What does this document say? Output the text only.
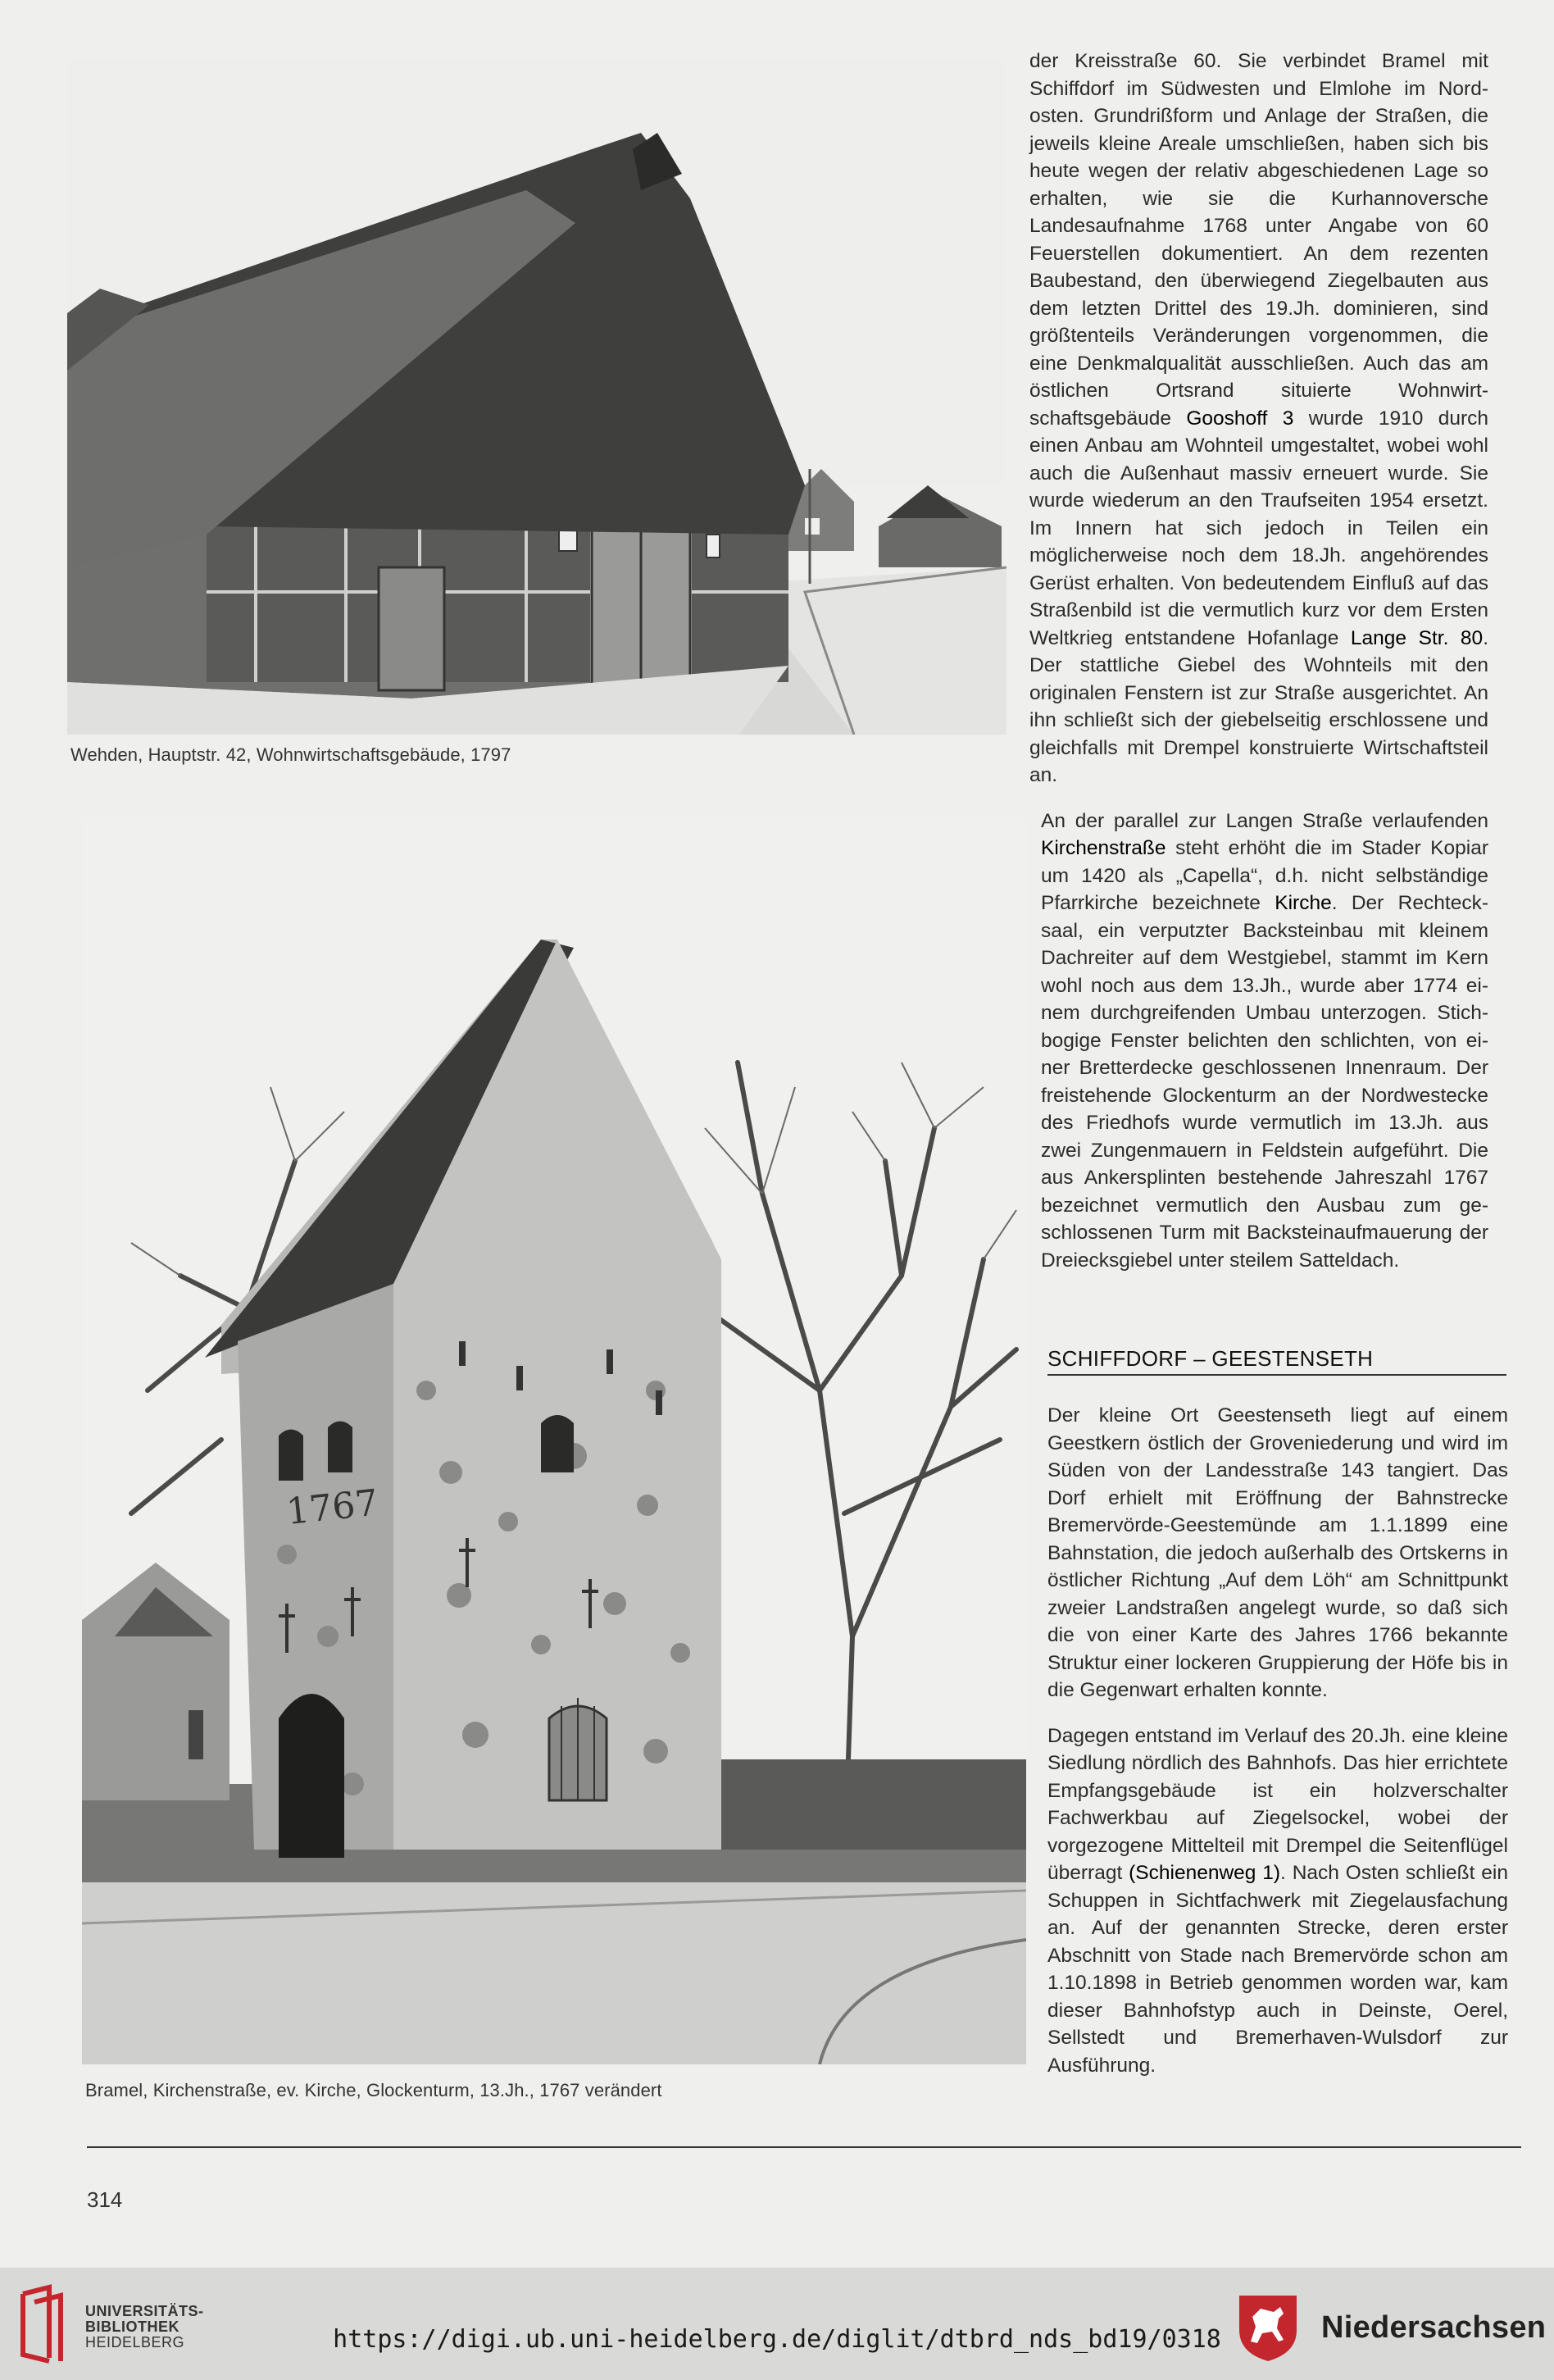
Wehden, Hauptstr. 42, Wohnwirtschaftsgebäude, 1797
1767
Bramel, Kirchenstraße, ev. Kirche, Glockenturm, 13.Jh., 1767 verändert

der Kreisstraße 60. Sie verbindet Bramel mit Schiffdorf im Südwesten und Elmlohe im Nordosten. Grundrißform und Anlage der Straßen, die jeweils kleine Areale umschließen, haben sich bis heute wegen der relativ abgeschiedenen Lage so erhalten, wie sie die Kurhannoversche Landesaufnahme 1768 unter Angabe von 60 Feuerstellen dokumentiert. An dem rezenten Baubestand, den überwiegend Ziegelbauten aus dem letzten Drittel des 19.Jh. dominieren, sind größtenteils Veränderungen vorgenommen, die eine Denkmalqualität ausschließen. Auch das am östlichen Ortsrand situierte Wohnwirtschaftsgebäude Gooshoff 3 wurde 1910 durch einen Anbau am Wohnteil umgestaltet, wobei wohl auch die Außenhaut massiv erneuert wurde. Sie wurde wiederum an den Traufseiten 1954 ersetzt. Im Innern hat sich jedoch in Teilen ein möglicherweise noch dem 18.Jh. angehörendes Gerüst erhalten. Von bedeutendem Einfluß auf das Straßenbild ist die vermutlich kurz vor dem Ersten Weltkrieg entstandene Hofanlage Lange Str. 80. Der stattliche Giebel des Wohnteils mit den originalen Fenstern ist zur Straße ausgerichtet. An ihn schließt sich der giebelseitig erschlossene und gleichfalls mit Drempel konstruierte Wirtschaftsteil an.

An der parallel zur Langen Straße verlaufenden Kirchenstraße steht erhöht die im Stader Kopiar um 1420 als „Capella“, d.h. nicht selbständige Pfarrkirche bezeichnete Kirche. Der Rechtecksaal, ein verputzter Backsteinbau mit kleinem Dachreiter auf dem Westgiebel, stammt im Kern wohl noch aus dem 13.Jh., wurde aber 1774 einem durchgreifenden Umbau unterzogen. Stichbogige Fenster belichten den schlichten, von einer Bretterdecke geschlossenen Innenraum. Der freistehende Glockenturm an der Nordwestecke des Friedhofs wurde vermutlich im 13.Jh. aus zwei Zungenmauern in Feldstein aufgeführt. Die aus Ankersplinten bestehende Jahreszahl 1767 bezeichnet vermutlich den Ausbau zum geschlossenen Turm mit Backsteinaufmauerung der Dreiecksgiebel unter steilem Satteldach.

SCHIFFDORF – GEESTENSETH

Der kleine Ort Geestenseth liegt auf einem Geestkern östlich der Groveniederung und wird im Süden von der Landesstraße 143 tangiert. Das Dorf erhielt mit Eröffnung der Bahnstrecke Bremervörde-Geestemünde am 1.1.1899 eine Bahnstation, die jedoch außerhalb des Ortskerns in östlicher Richtung „Auf dem Löh“ am Schnittpunkt zweier Landstraßen angelegt wurde, so daß sich die von einer Karte des Jahres 1766 bekannte Struktur einer lockeren Gruppierung der Höfe bis in die Gegenwart erhalten konnte.

Dagegen entstand im Verlauf des 20.Jh. eine kleine Siedlung nördlich des Bahnhofs. Das hier errichtete Empfangsgebäude ist ein holzverschalter Fachwerkbau auf Ziegelsockel, wobei der vorgezogene Mittelteil mit Drempel die Seitenflügel überragt (Schienenweg 1). Nach Osten schließt ein Schuppen in Sichtfachwerk mit Ziegelausfachung an. Auf der genannten Strecke, deren erster Abschnitt von Stade nach Bremervörde schon am 1.10.1898 in Betrieb genommen worden war, kam dieser Bahnhofstyp auch in Deinste, Oerel, Sellstedt und Bremerhaven-Wulsdorf zur Ausführung.

314
UNIVERSITÄTS-
BIBLIOTHEK
HEIDELBERG	https://digi.ub.uni-heidelberg.de/diglit/dtbrd_nds_bd19/0318	Niedersachsen
